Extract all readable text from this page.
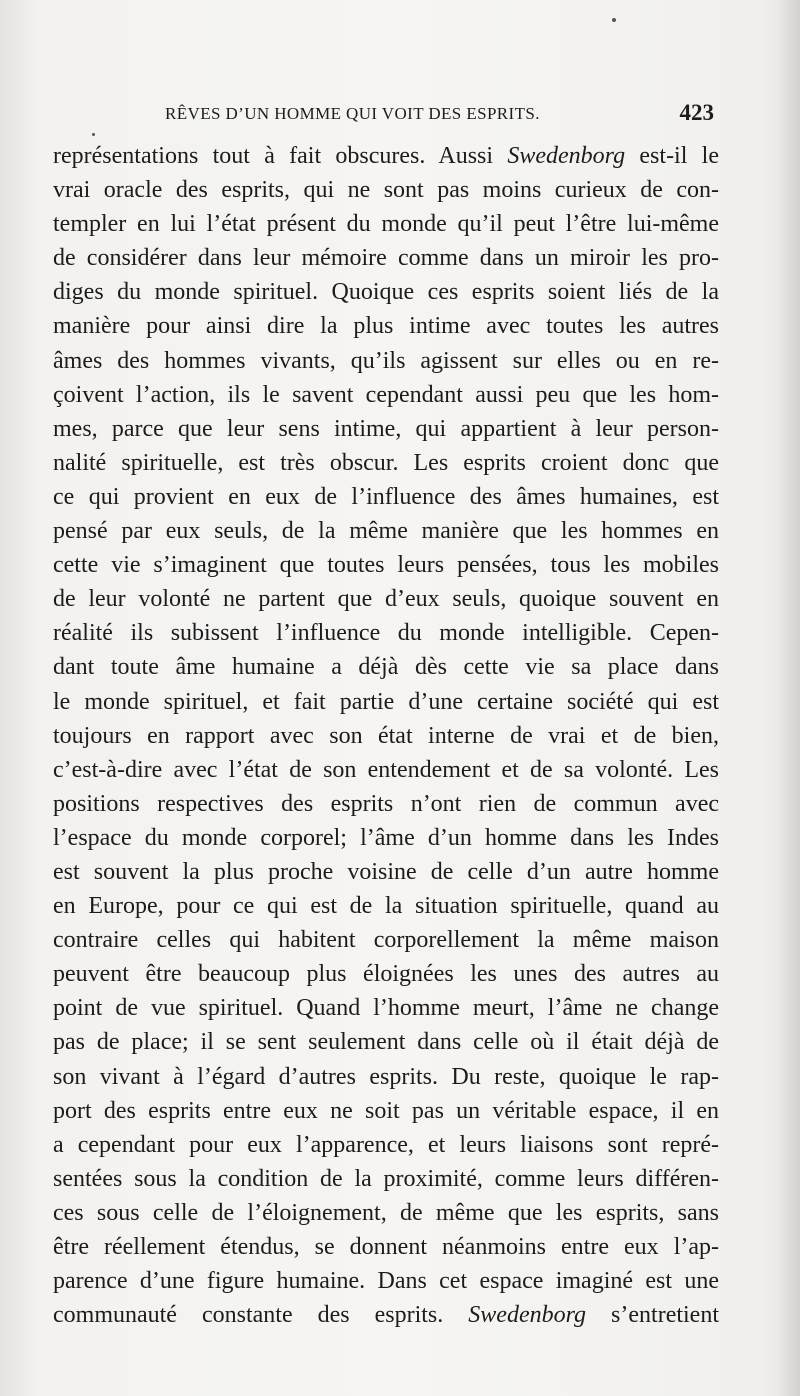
RÊVES D’UN HOMME QUI VOIT DES ESPRITS.	423
représentations tout à fait obscures. Aussi Swedenborg est-il le
vrai oracle des esprits, qui ne sont pas moins curieux de con-
templer en lui l’état présent du monde qu’il peut l’être lui-même
de considérer dans leur mémoire comme dans un miroir les pro-
diges du monde spirituel. Quoique ces esprits soient liés de la
manière pour ainsi dire la plus intime avec toutes les autres
âmes des hommes vivants, qu’ils agissent sur elles ou en re-
çoivent l’action, ils le savent cependant aussi peu que les hom-
mes, parce que leur sens intime, qui appartient à leur person-
nalité spirituelle, est très obscur. Les esprits croient donc que
ce qui provient en eux de l’influence des âmes humaines, est
pensé par eux seuls, de la même manière que les hommes en
cette vie s’imaginent que toutes leurs pensées, tous les mobiles
de leur volonté ne partent que d’eux seuls, quoique souvent en
réalité ils subissent l’influence du monde intelligible. Cepen-
dant toute âme humaine a déjà dès cette vie sa place dans
le monde spirituel, et fait partie d’une certaine société qui est
toujours en rapport avec son état interne de vrai et de bien,
c’est-à-dire avec l’état de son entendement et de sa volonté. Les
positions respectives des esprits n’ont rien de commun avec
l’espace du monde corporel; l’âme d’un homme dans les Indes
est souvent la plus proche voisine de celle d’un autre homme
en Europe, pour ce qui est de la situation spirituelle, quand au
contraire celles qui habitent corporellement la même maison
peuvent être beaucoup plus éloignées les unes des autres au
point de vue spirituel. Quand l’homme meurt, l’âme ne change
pas de place; il se sent seulement dans celle où il était déjà de
son vivant à l’égard d’autres esprits. Du reste, quoique le rap-
port des esprits entre eux ne soit pas un véritable espace, il en
a cependant pour eux l’apparence, et leurs liaisons sont repré-
sentées sous la condition de la proximité, comme leurs différen-
ces sous celle de l’éloignement, de même que les esprits, sans
être réellement étendus, se donnent néanmoins entre eux l’ap-
parence d’une figure humaine. Dans cet espace imaginé est une
communauté constante des esprits. Swedenborg s’entretient
